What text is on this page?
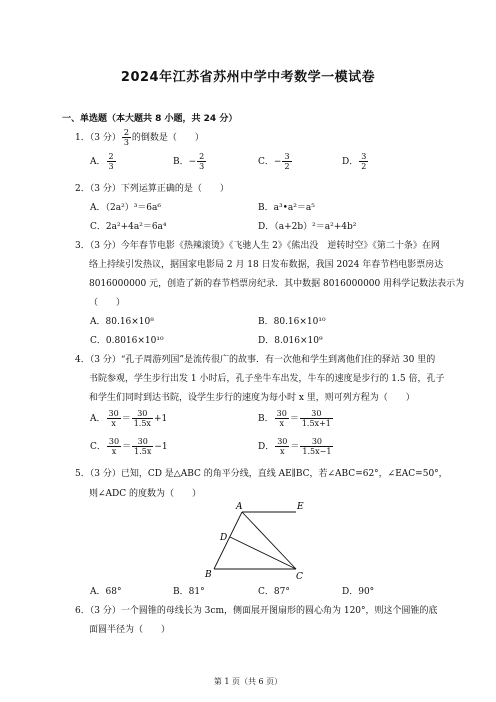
2024年江苏省苏州中学中考数学一模试卷
一、单选题（本大题共 8 小题，共 24 分）
1．（3 分） $\frac{2}{3}$ 的倒数是（　　）
A． $\frac{2}{3}$	B．− $\frac{2}{3}$	C．− $\frac{3}{2}$	D． $\frac{3}{2}$
2．（3 分）下列运算正确的是（　　）
A．（2a²）³＝6a⁶	B．a³•a²＝a⁵
C．2a²+4a²＝6a⁴	D．（a+2b）²＝a²+4b²
3．（3 分）今年春节电影《热辣滚烫》《飞驰人生 2》《熊出没　逆转时空》《第二十条》在网
络上持续引发热议，据国家电影局 2 月 18 日发布数据，我国 2024 年春节档电影票房达
8016000000 元，创造了新的春节档票房纪录．其中数据 8016000000 用科学记数法表示为
（　　）
A．80.16×10⁸	B．80.16×10¹⁰
C．0.8016×10¹⁰	D．8.016×10⁹
4．（3 分）“孔子周游列国”是流传很广的故事．有一次他和学生到离他们住的驿站 30 里的
书院参观，学生步行出发 1 小时后，孔子坐牛车出发，牛车的速度是步行的 1.5 倍，孔子
和学生们同时到达书院，设学生步行的速度为每小时 x 里，则可列方程为（　　）
A． $\frac{30}{x} = \frac{30}{1.5x} +1$	B． $\frac{30}{x} = \frac{30}{1.5x+1}$
C． $\frac{30}{x} = \frac{30}{1.5x} -1$	D． $\frac{30}{x} = \frac{30}{1.5x-1}$
5．（3 分）已知，CD 是△ABC 的角平分线，直线 AE∥BC，若∠ABC=62°，∠EAC=50°，
则∠ADC 的度数为（　　）
A	E
D
B	C
A．68°	B．81°	C．87°	D．90°
6．（3 分）一个圆锥的母线长为 3cm，侧面展开图扇形的圆心角为 120°，则这个圆锥的底
面圆半径为（　　）
第 1 页（共 6 页）
